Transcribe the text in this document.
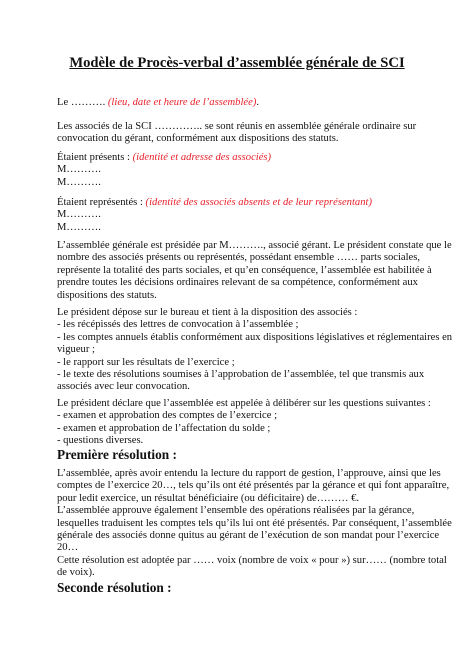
Modèle de Procès-verbal d’assemblée générale de SCI
Le ………. (lieu, date et heure de l’assemblée).
Les associés de la SCI ………….. se sont réunis en assemblée générale ordinaire sur
convocation du gérant, conformément aux dispositions des statuts.
Étaient présents : (identité et adresse des associés)
M……….
M……….
Étaient représentés : (identité des associés absents et de leur représentant)
M……….
M……….
L’assemblée générale est présidée par M………., associé gérant. Le président constate que le
nombre des associés présents ou représentés, possédant ensemble …… parts sociales,
représente la totalité des parts sociales, et qu’en conséquence, l’assemblée est habilitée à
prendre toutes les décisions ordinaires relevant de sa compétence, conformément aux
dispositions des statuts.
Le président dépose sur le bureau et tient à la disposition des associés :
- les récépissés des lettres de convocation à l’assemblée ;
- les comptes annuels établis conformément aux dispositions législatives et réglementaires en
vigueur ;
- le rapport sur les résultats de l’exercice ;
- le texte des résolutions soumises à l’approbation de l’assemblée, tel que transmis aux
associés avec leur convocation.
Le président déclare que l’assemblée est appelée à délibérer sur les questions suivantes :
- examen et approbation des comptes de l’exercice ;
- examen et approbation de l’affectation du solde ;
- questions diverses.
Première résolution :
L’assemblée, après avoir entendu la lecture du rapport de gestion, l’approuve, ainsi que les
comptes de l’exercice 20…, tels qu’ils ont été présentés par la gérance et qui font apparaître,
pour ledit exercice, un résultat bénéficiaire (ou déficitaire) de……… €.
L’assemblée approuve également l’ensemble des opérations réalisées par la gérance,
lesquelles traduisent les comptes tels qu’ils lui ont été présentés. Par conséquent, l’assemblée
générale des associés donne quitus au gérant de l’exécution de son mandat pour l’exercice
20…
Cette résolution est adoptée par …… voix (nombre de voix « pour ») sur…… (nombre total
de voix).
Seconde résolution :
